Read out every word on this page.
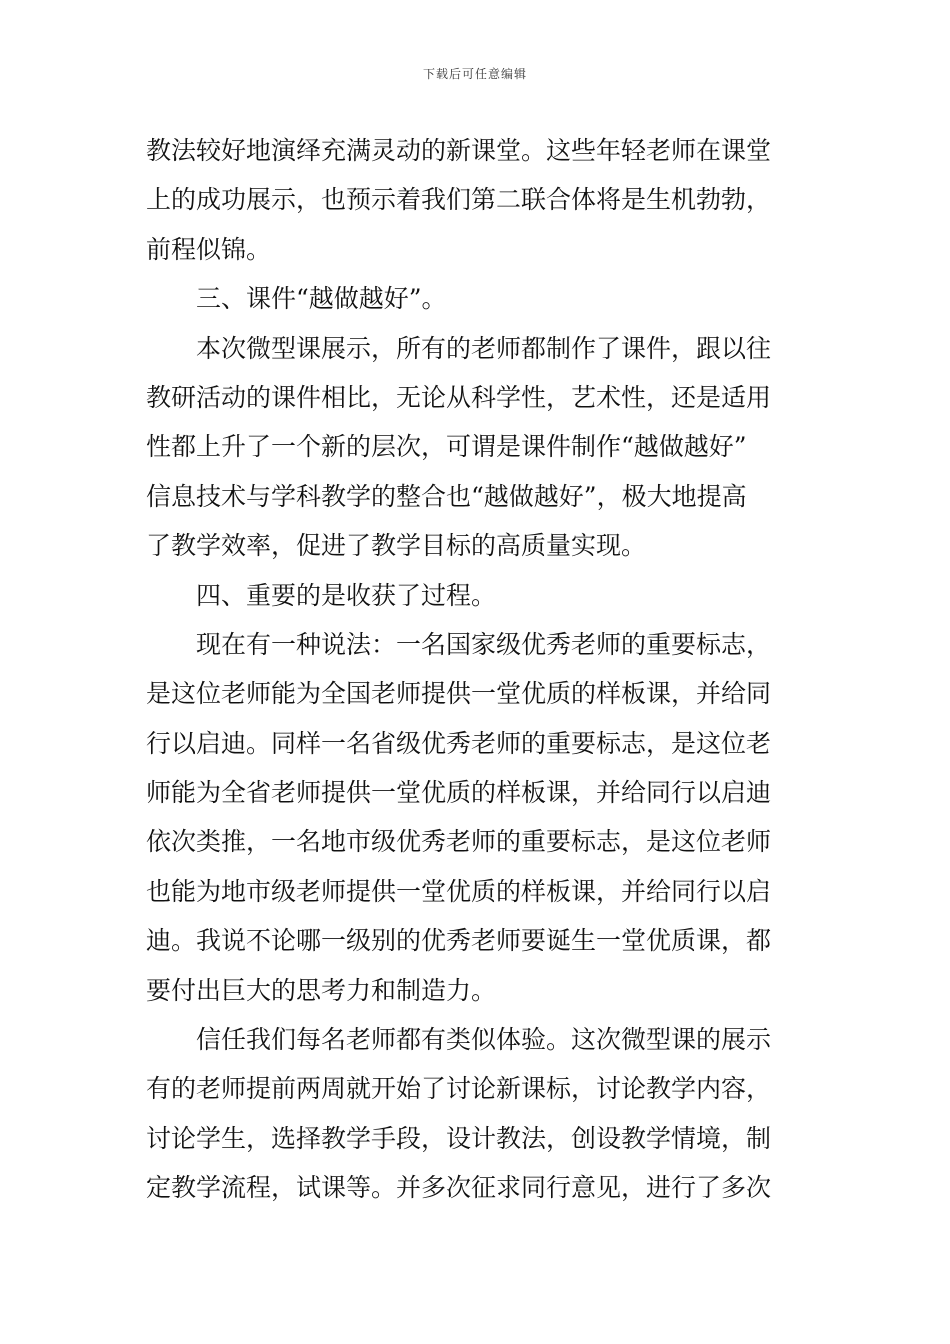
下载后可任意编辑
教法较好地演绎充满灵动的新课堂。这些年轻老师在课堂
上的成功展示，也预示着我们第二联合体将是生机勃勃，
前程似锦。
三、课件“越做越好”。
本次微型课展示，所有的老师都制作了课件，跟以往
教研活动的课件相比，无论从科学性，艺术性，还是适用
性都上升了一个新的层次，可谓是课件制作“越做越好”
信息技术与学科教学的整合也“越做越好”，极大地提高
了教学效率，促进了教学目标的高质量实现。
四、重要的是收获了过程。
现在有一种说法：一名国家级优秀老师的重要标志，
是这位老师能为全国老师提供一堂优质的样板课，并给同
行以启迪。同样一名省级优秀老师的重要标志，是这位老
师能为全省老师提供一堂优质的样板课，并给同行以启迪
依次类推，一名地市级优秀老师的重要标志，是这位老师
也能为地市级老师提供一堂优质的样板课，并给同行以启
迪。我说不论哪一级别的优秀老师要诞生一堂优质课，都
要付出巨大的思考力和制造力。
信任我们每名老师都有类似体验。这次微型课的展示
有的老师提前两周就开始了讨论新课标，讨论教学内容，
讨论学生，选择教学手段，设计教法，创设教学情境，制
定教学流程，试课等。并多次征求同行意见，进行了多次
